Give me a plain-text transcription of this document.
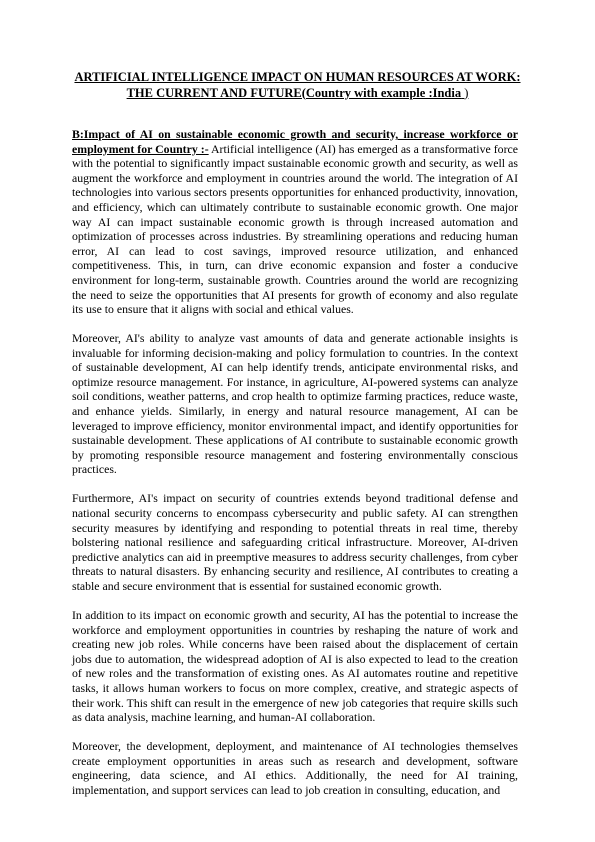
ARTIFICIAL INTELLIGENCE IMPACT ON HUMAN RESOURCES AT WORK:
THE CURRENT AND FUTURE(Country with example :India )

B:Impact of AI on sustainable economic growth and security, increase workforce or employment for Country :- Artificial intelligence (AI) has emerged as a transformative force with the potential to significantly impact sustainable economic growth and security, as well as augment the workforce and employment in countries around the world. The integration of AI technologies into various sectors presents opportunities for enhanced productivity, innovation, and efficiency, which can ultimately contribute to sustainable economic growth. One major way AI can impact sustainable economic growth is through increased automation and optimization of processes across industries. By streamlining operations and reducing human error, AI can lead to cost savings, improved resource utilization, and enhanced competitiveness. This, in turn, can drive economic expansion and foster a conducive environment for long-term, sustainable growth. Countries around the world are recognizing the need to seize the opportunities that AI presents for growth of economy and also regulate its use to ensure that it aligns with social and ethical values.

Moreover, AI's ability to analyze vast amounts of data and generate actionable insights is invaluable for informing decision-making and policy formulation to countries. In the context of sustainable development, AI can help identify trends, anticipate environmental risks, and optimize resource management. For instance, in agriculture, AI-powered systems can analyze soil conditions, weather patterns, and crop health to optimize farming practices, reduce waste, and enhance yields. Similarly, in energy and natural resource management, AI can be leveraged to improve efficiency, monitor environmental impact, and identify opportunities for sustainable development. These applications of AI contribute to sustainable economic growth by promoting responsible resource management and fostering environmentally conscious practices.

Furthermore, AI's impact on security of countries extends beyond traditional defense and national security concerns to encompass cybersecurity and public safety. AI can strengthen security measures by identifying and responding to potential threats in real time, thereby bolstering national resilience and safeguarding critical infrastructure. Moreover, AI-driven predictive analytics can aid in preemptive measures to address security challenges, from cyber threats to natural disasters. By enhancing security and resilience, AI contributes to creating a stable and secure environment that is essential for sustained economic growth.

In addition to its impact on economic growth and security, AI has the potential to increase the workforce and employment opportunities in countries by reshaping the nature of work and creating new job roles. While concerns have been raised about the displacement of certain jobs due to automation, the widespread adoption of AI is also expected to lead to the creation of new roles and the transformation of existing ones. As AI automates routine and repetitive tasks, it allows human workers to focus on more complex, creative, and strategic aspects of their work. This shift can result in the emergence of new job categories that require skills such as data analysis, machine learning, and human-AI collaboration.

Moreover, the development, deployment, and maintenance of AI technologies themselves create employment opportunities in areas such as research and development, software engineering, data science, and AI ethics. Additionally, the need for AI training, implementation, and support services can lead to job creation in consulting, education, and
